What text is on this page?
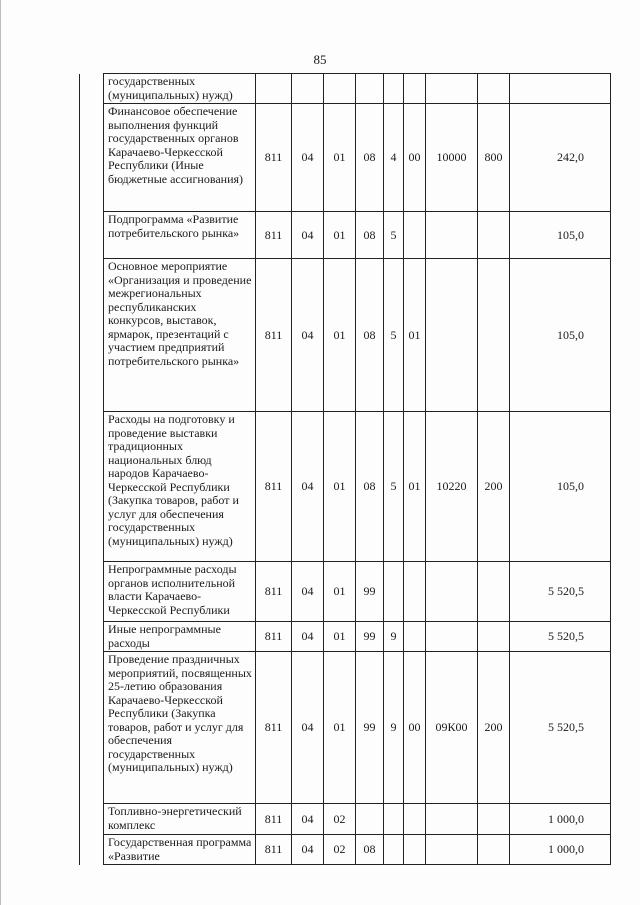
85
	государственных (муниципальных) нужд)									
	Финансовое обеспечение выполнения функций государственных органов Карачаево-Черкесской Республики (Иные бюджетные ассигнования)	811	04	01	08	4	00	10000	800	242,0
	Подпрограмма «Развитие потребительского рынка»	811	04	01	08	5				105,0
	Основное мероприятие «Организация и проведение межрегиональных республиканских конкурсов, выставок, ярмарок, презентаций с участием предприятий потребительского рынка»	811	04	01	08	5	01			105,0
	Расходы на подготовку и проведение выставки традиционных национальных блюд народов Карачаево-Черкесской Республики (Закупка товаров, работ и услуг для обеспечения государственных (муниципальных) нужд)	811	04	01	08	5	01	10220	200	105,0
	Непрограммные расходы органов исполнительной власти Карачаево-Черкесской Республики	811	04	01	99					5 520,5
	Иные непрограммные расходы	811	04	01	99	9				5 520,5
	Проведение праздничных мероприятий, посвященных 25-летию образования Карачаево-Черкесской Республики (Закупка товаров, работ и услуг для обеспечения государственных (муниципальных) нужд)	811	04	01	99	9	00	09К00	200	5 520,5
	Топливно-энергетический комплекс	811	04	02						1 000,0
	Государственная программа «Развитие	811	04	02	08					1 000,0
